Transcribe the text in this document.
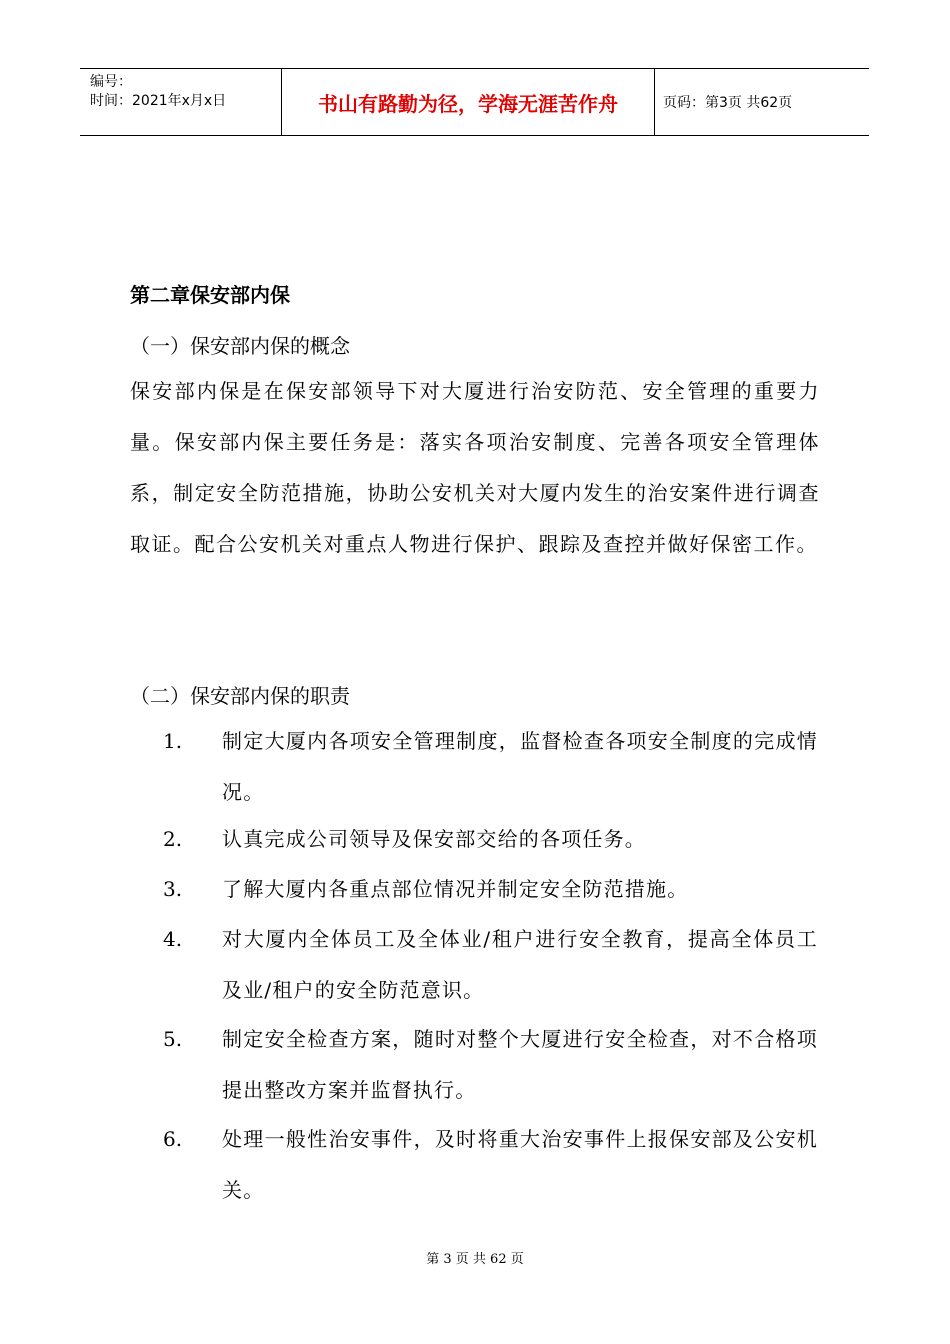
编号：
时间：2021年x月x日	书山有路勤为径，学海无涯苦作舟	页码：第3页 共62页
第二章保安部内保
（一）保安部内保的概念
保安部内保是在保安部领导下对大厦进行治安防范、安全管理的重要力量。保安部内保主要任务是：落实各项治安制度、完善各项安全管理体系，制定安全防范措施，协助公安机关对大厦内发生的治安案件进行调查取证。配合公安机关对重点人物进行保护、跟踪及查控并做好保密工作。
（二）保安部内保的职责
1.	制定大厦内各项安全管理制度，监督检查各项安全制度的完成情况。
2.	认真完成公司领导及保安部交给的各项任务。
3.	了解大厦内各重点部位情况并制定安全防范措施。
4.	对大厦内全体员工及全体业/租户进行安全教育，提高全体员工及业/租户的安全防范意识。
5.	制定安全检查方案，随时对整个大厦进行安全检查，对不合格项提出整改方案并监督执行。
6.	处理一般性治安事件，及时将重大治安事件上报保安部及公安机关。
第 3 页 共 62 页
